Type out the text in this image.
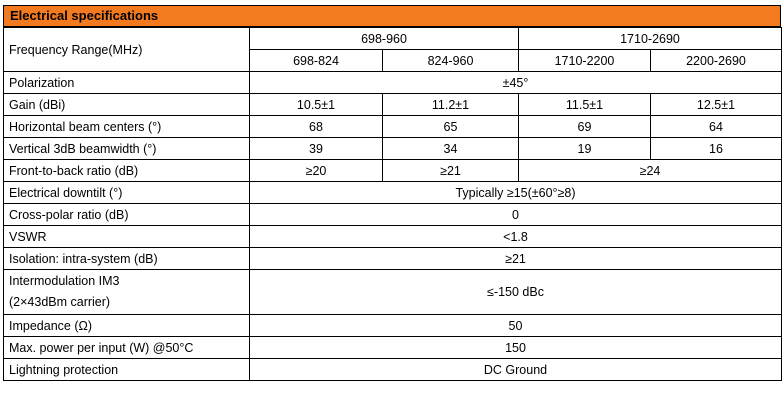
Electrical specifications
Frequency Range(MHz)	698-960		1710-2690	
	698-824	824-960	1710-2200	2200-2690
Polarization	±45°			
Gain (dBi)	10.5±1	11.2±1	11.5±1	12.5±1
Horizontal beam centers (°)	68	65	69	64
Vertical 3dB beamwidth (°)	39	34	19	16
Front-to-back ratio (dB)	≥20	≥21	≥24	
Electrical downtilt (°)	Typically ≥15(±60°≥8)			
Cross-polar ratio (dB)	0			
VSWR	<1.8			
Isolation: intra-system (dB)	≥21			

Intermodulation IM3
(2×43dBm carrier)	≤-150 dBc			
Impedance (Ω)	50			
Max. power per input (W) @50°C	150			
Lightning protection	DC Ground			
